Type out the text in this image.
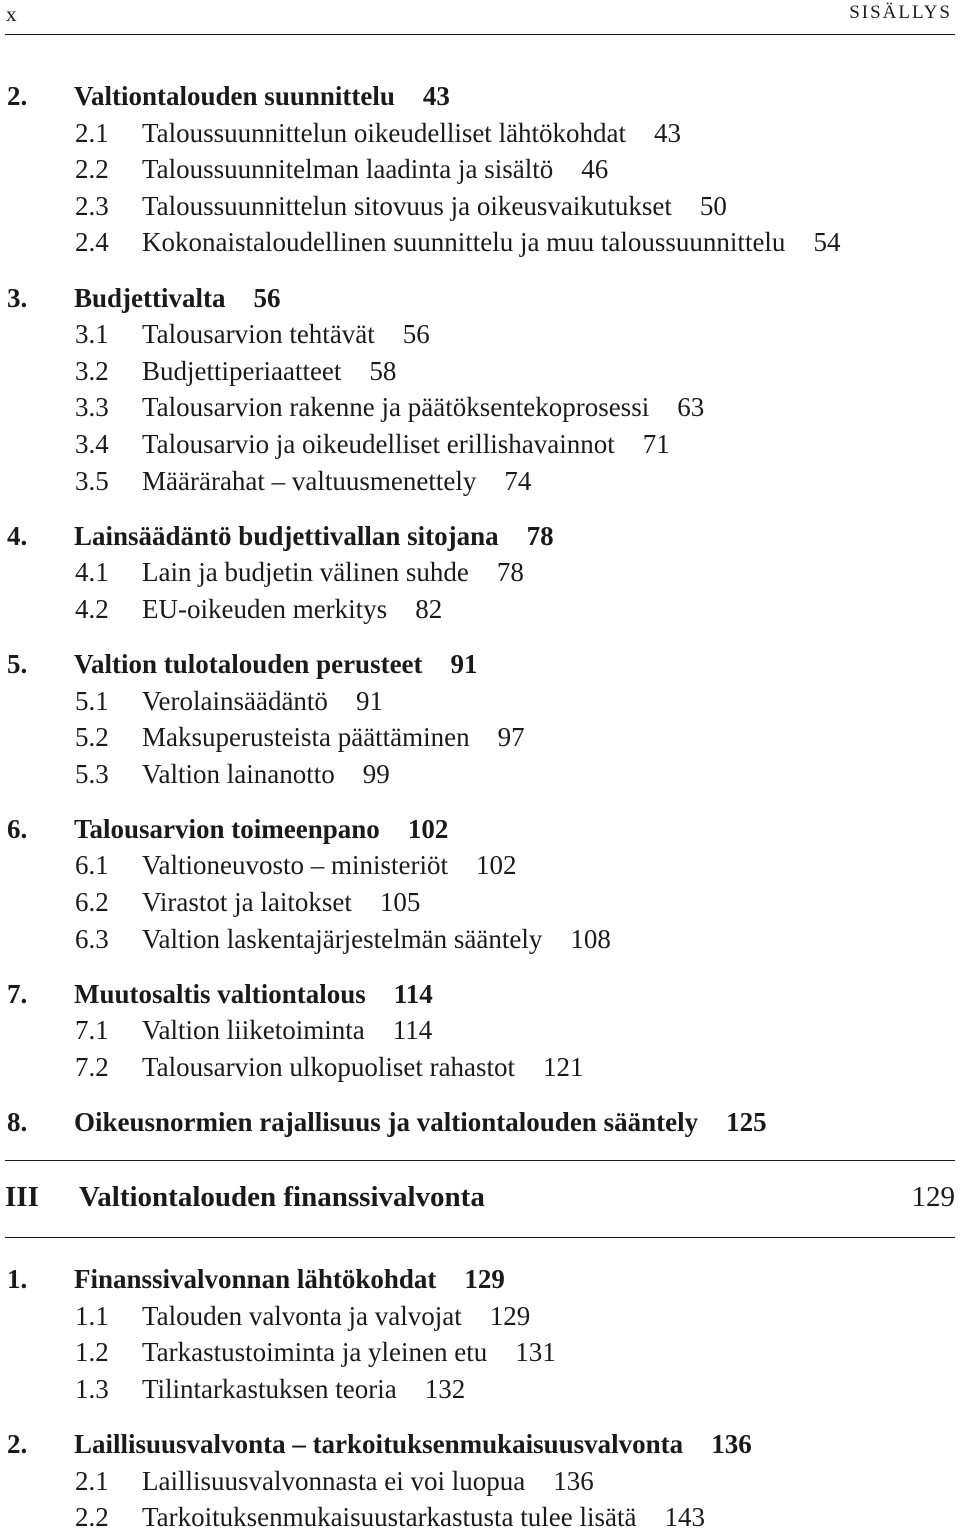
x	SISÄLLYS
2. Valtiontalouden suunnittelu 43
2.1 Taloussuunnittelun oikeudelliset lähtökohdat 43
2.2 Taloussuunnitelman laadinta ja sisältö 46
2.3 Taloussuunnittelun sitovuus ja oikeusvaikutukset 50
2.4 Kokonaistaloudellinen suunnittelu ja muu taloussuunnittelu 54
3. Budjettivalta 56
3.1 Talousarvion tehtävät 56
3.2 Budjettiperiaatteet 58
3.3 Talousarvion rakenne ja päätöksentekoprosessi 63
3.4 Talousarvio ja oikeudelliset erillishavainnot 71
3.5 Määrärahat – valtuusmenettely 74
4. Lainsäädäntö budjettivallan sitojana 78
4.1 Lain ja budjetin välinen suhde 78
4.2 EU-oikeuden merkitys 82
5. Valtion tulotalouden perusteet 91
5.1 Verolainsäädäntö 91
5.2 Maksuperusteista päättäminen 97
5.3 Valtion lainanotto 99
6. Talousarvion toimeenpano 102
6.1 Valtioneuvosto – ministeriöt 102
6.2 Virastot ja laitokset 105
6.3 Valtion laskentajärjestelmän sääntely 108
7. Muutosaltis valtiontalous 114
7.1 Valtion liiketoiminta 114
7.2 Talousarvion ulkopuoliset rahastot 121
8. Oikeusnormien rajallisuus ja valtiontalouden sääntely 125
1. Finanssivalvonnan lähtökohdat 129
1.1 Talouden valvonta ja valvojat 129
1.2 Tarkastustoiminta ja yleinen etu 131
1.3 Tilintarkastuksen teoria 132
2. Laillisuusvalvonta – tarkoituksenmukaisuusvalvonta 136
2.1 Laillisuusvalvonnasta ei voi luopua 136
2.2 Tarkoituksenmukaisuustarkastusta tulee lisätä 143
III Valtiontalouden finanssivalvonta	129
